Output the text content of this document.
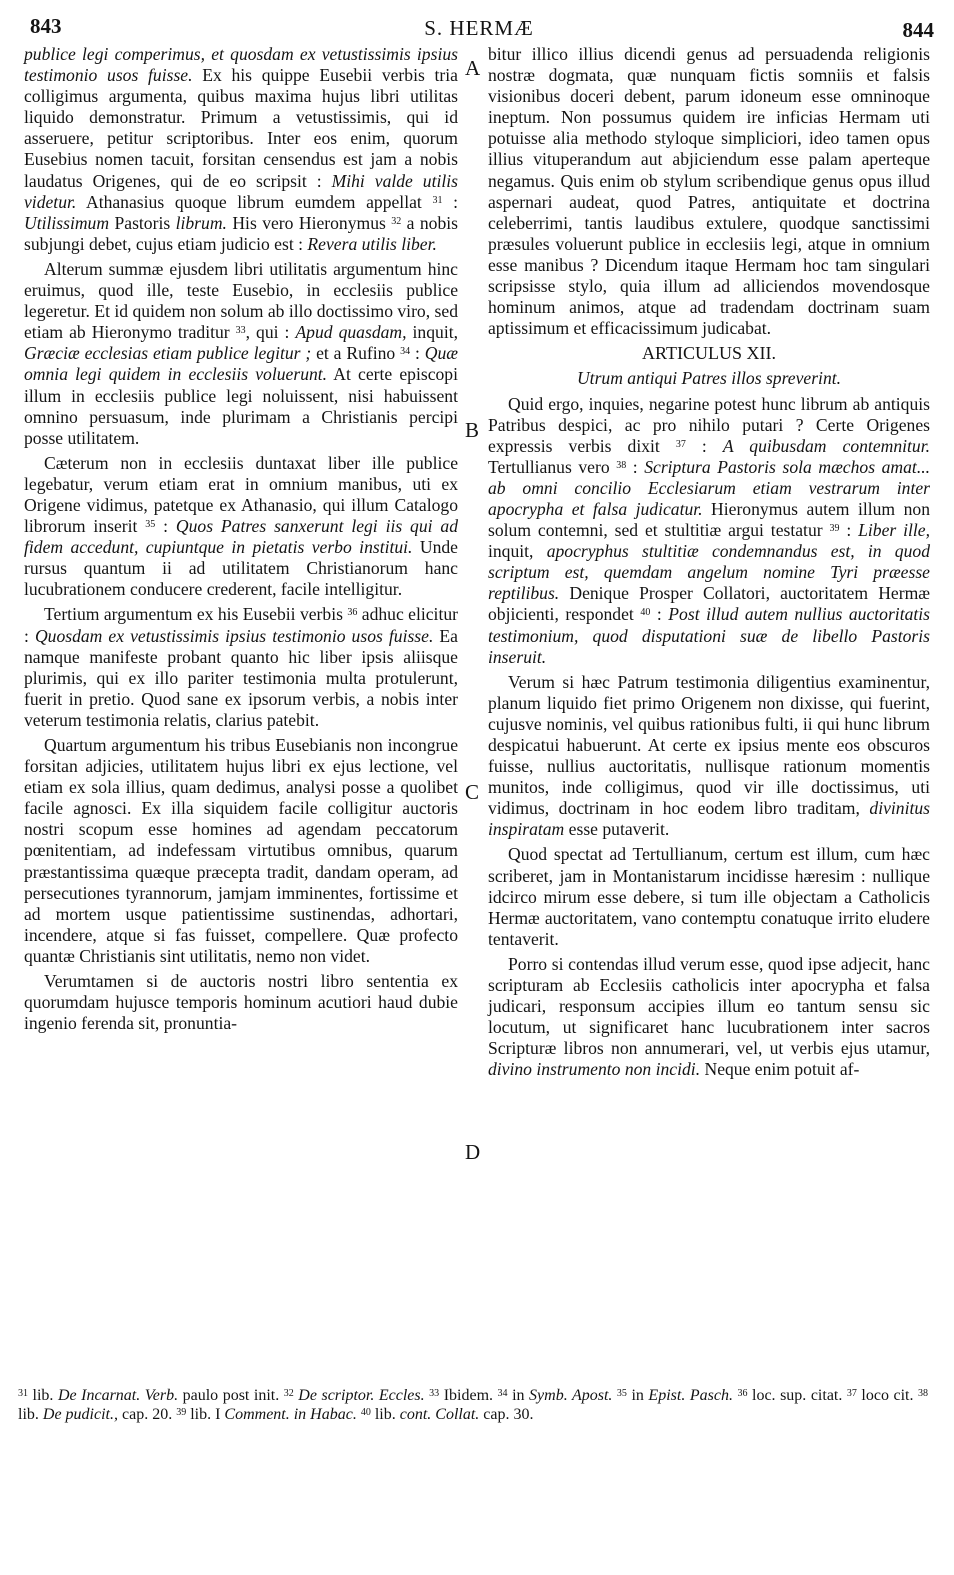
843	S. HERMÆ	844

publice legi comperimus, et quosdam ex vetustissimis ipsius testimonio usos fuisse. Ex his quippe Eusebii verbis tria colligimus argumenta, quibus maxima hujus libri utilitas liquido demonstratur. Primum a vetustissimis, qui id asseruere, petitur scriptoribus. Inter eos enim, quorum Eusebius nomen tacuit, forsitan censendus est jam a nobis laudatus Origenes, qui de eo scripsit : Mihi valde utilis videtur. Athanasius quoque librum eumdem appellat $^{31}$ : Utilissimum Pastoris librum. His vero Hieronymus $^{32}$ a nobis subjungi debet, cujus etiam judicio est : Revera utilis liber.

Alterum summæ ejusdem libri utilitatis argumentum hinc eruimus, quod ille, teste Eusebio, in ecclesiis publice legeretur. Et id quidem non solum ab illo doctissimo viro, sed etiam ab Hieronymo traditur $^{33}$, qui : Apud quasdam, inquit, Græciæ ecclesias etiam publice legitur ; et a Rufino $^{34}$ : Quæ omnia legi quidem in ecclesiis voluerunt. At certe episcopi illum in ecclesiis publice legi noluissent, nisi habuissent omnino persuasum, inde plurimam a Christianis percipi posse utilitatem.

Cæterum non in ecclesiis duntaxat liber ille publice legebatur, verum etiam erat in omnium manibus, uti ex Origene vidimus, patetque ex Athanasio, qui illum Catalogo librorum inserit $^{35}$ : Quos Patres sanxerunt legi iis qui ad fidem accedunt, cupiuntque in pietatis verbo institui. Unde rursus quantum ii ad utilitatem Christianorum hanc lucubrationem conducere crederent, facile intelligitur.

Tertium argumentum ex his Eusebii verbis $^{36}$ adhuc elicitur : Quosdam ex vetustissimis ipsius testimonio usos fuisse. Ea namque manifeste probant quanto hic liber ipsis aliisque plurimis, qui ex illo pariter testimonia multa protulerunt, fuerit in pretio. Quod sane ex ipsorum verbis, a nobis inter veterum testimonia relatis, clarius patebit.

Quartum argumentum his tribus Eusebianis non incongrue forsitan adjicies, utilitatem hujus libri ex ejus lectione, vel etiam ex sola illius, quam dedimus, analysi posse a quolibet facile agnosci. Ex illa siquidem facile colligitur auctoris nostri scopum esse homines ad agendam peccatorum pœnitentiam, ad indefessam virtutibus omnibus, quarum præstantissima quæque præcepta tradit, dandam operam, ad persecutiones tyrannorum, jamjam imminentes, fortissime et ad mortem usque patientissime sustinendas, adhortari, incendere, atque si fas fuisset, compellere. Quæ profecto quantæ Christianis sint utilitatis, nemo non videt.

Verumtamen si de auctoris nostri libro sententia ex quorumdam hujusce temporis hominum acutiori haud dubie ingenio ferenda sit, pronuntia-

A
B
C
D

bitur illico illius dicendi genus ad persuadenda religionis nostræ dogmata, quæ nunquam fictis somniis et falsis visionibus doceri debent, parum idoneum esse omninoque ineptum. Non possumus quidem ire inficias Hermam uti potuisse alia methodo styloque simpliciori, ideo tamen opus illius vituperandum aut abjiciendum esse palam aperteque negamus. Quis enim ob stylum scribendique genus opus illud aspernari audeat, quod Patres, antiquitate et doctrina celeberrimi, tantis laudibus extulere, quodque sanctissimi præsules voluerunt publice in ecclesiis legi, atque in omnium esse manibus ? Dicendum itaque Hermam hoc tam singulari scripsisse stylo, quia illum ad alliciendos movendosque hominum animos, atque ad tradendam doctrinam suam aptissimum et efficacissimum judicabat.

ARTICULUS XII.

Utrum antiqui Patres illos spreverint.

Quid ergo, inquies, negarine potest hunc librum ab antiquis Patribus despici, ac pro nihilo putari ? Certe Origenes expressis verbis dixit $^{37}$ : A quibusdam contemnitur. Tertullianus vero $^{38}$ : Scriptura Pastoris sola mæchos amat... ab omni concilio Ecclesiarum etiam vestrarum inter apocrypha et falsa judicatur. Hieronymus autem illum non solum contemni, sed et stultitiæ argui testatur $^{39}$ : Liber ille, inquit, apocryphus stultitiæ condemnandus est, in quod scriptum est, quemdam angelum nomine Tyri præesse reptilibus. Denique Prosper Collatori, auctoritatem Hermæ objicienti, respondet $^{40}$ : Post illud autem nullius auctoritatis testimonium, quod disputationi suæ de libello Pastoris inseruit.

Verum si hæc Patrum testimonia diligentius examinentur, planum liquido fiet primo Origenem non dixisse, qui fuerint, cujusve nominis, vel quibus rationibus fulti, ii qui hunc librum despicatui habuerunt. At certe ex ipsius mente eos obscuros fuisse, nullius auctoritatis, nullisque rationum momentis munitos, inde colligimus, quod vir ille doctissimus, uti vidimus, doctrinam in hoc eodem libro traditam, divinitus inspiratam esse putaverit.

Quod spectat ad Tertullianum, certum est illum, cum hæc scriberet, jam in Montanistarum incidisse hæresim : nullique idcirco mirum esse debere, si tum ille objectam a Catholicis Hermæ auctoritatem, vano contemptu conatuque irrito eludere tentaverit.

Porro si contendas illud verum esse, quod ipse adjecit, hanc scripturam ab Ecclesiis catholicis inter apocrypha et falsa judicari, responsum accipies illum eo tantum sensu sic locutum, ut significaret hanc lucubrationem inter sacros Scripturæ libros non annumerari, vel, ut verbis ejus utamur, divino instrumento non incidi. Neque enim potuit af-

$^{31}$ lib. De Incarnat. Verb. paulo post init. $^{32}$ De scriptor. Eccles. $^{33}$ Ibidem. $^{34}$ in Symb. Apost. $^{35}$ in Epist. Pasch. $^{36}$ loc. sup. citat. $^{37}$ loco cit. $^{38}$ lib. De pudicit., cap. 20. $^{39}$ lib. I Comment. in Habac. $^{40}$ lib. cont. Collat. cap. 30.
